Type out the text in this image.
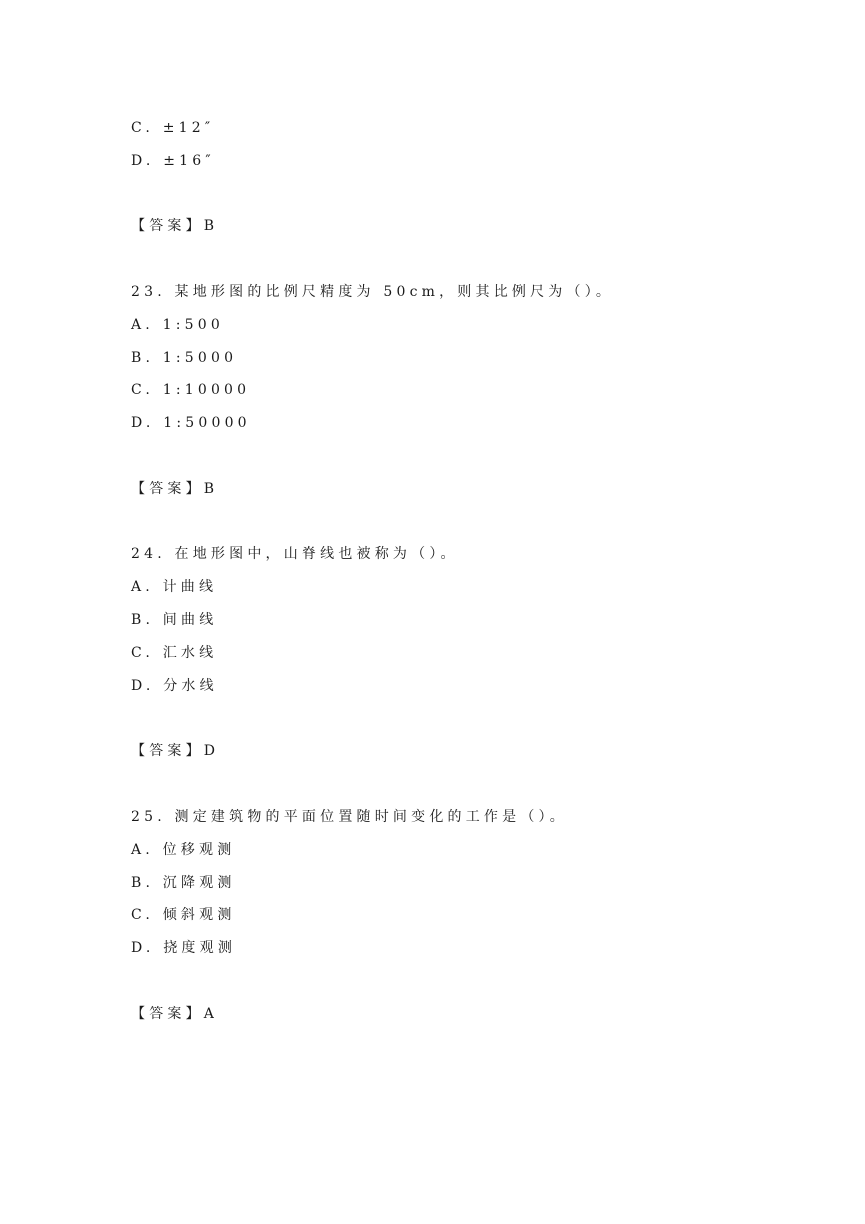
C. ±12″
D. ±16″
【答案】B
23. 某地形图的比例尺精度为 50cm，则其比例尺为（）。
A. 1:500
B. 1:5000
C. 1:10000
D. 1:50000
【答案】B
24. 在地形图中，山脊线也被称为（）。
A. 计曲线
B. 间曲线
C. 汇水线
D. 分水线
【答案】D
25. 测定建筑物的平面位置随时间变化的工作是（）。
A. 位移观测
B. 沉降观测
C. 倾斜观测
D. 挠度观测
【答案】A
